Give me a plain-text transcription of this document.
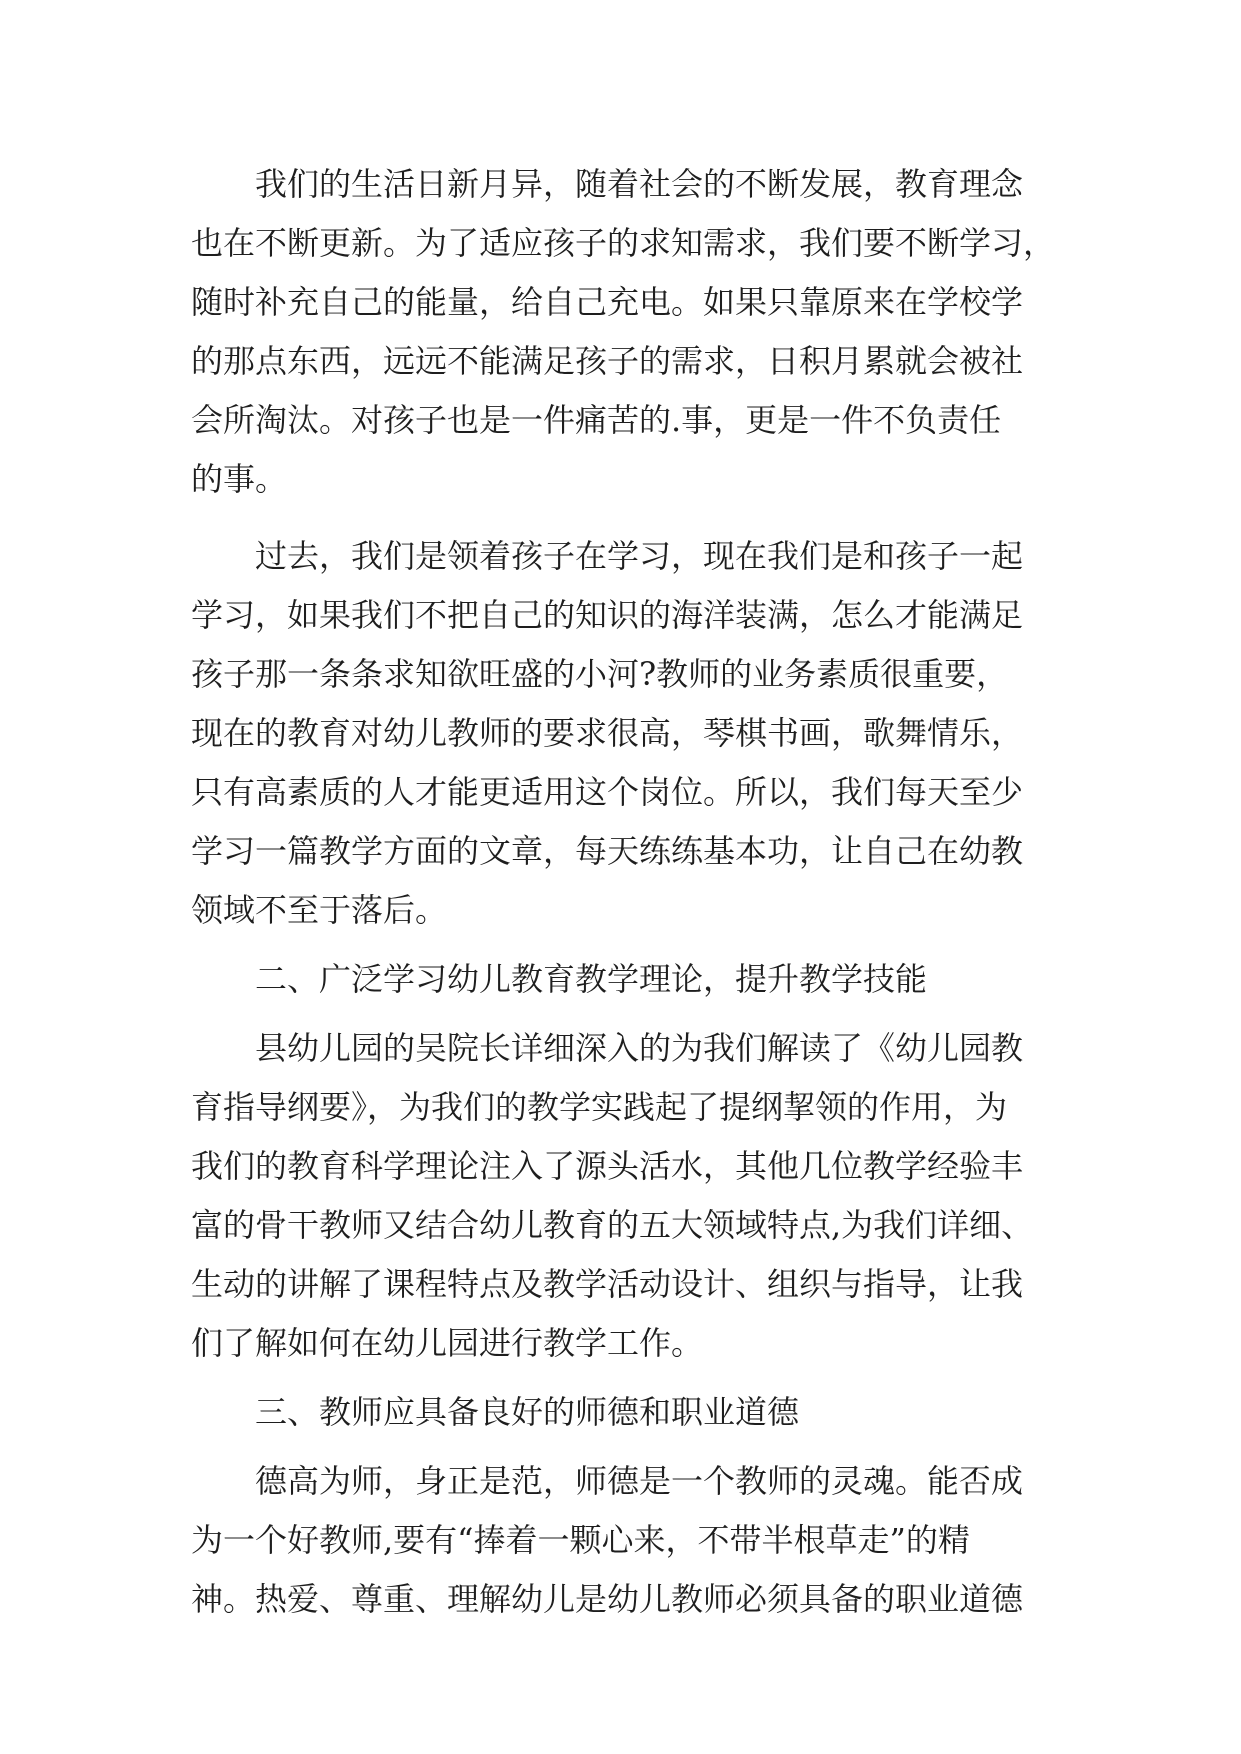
我们的生活日新月异，随着社会的不断发展，教育理念
也在不断更新。为了适应孩子的求知需求，我们要不断学习，
随时补充自己的能量，给自己充电。如果只靠原来在学校学
的那点东西，远远不能满足孩子的需求，日积月累就会被社
会所淘汰。对孩子也是一件痛苦的.事，更是一件不负责任
的事。
过去，我们是领着孩子在学习，现在我们是和孩子一起
学习，如果我们不把自己的知识的海洋装满，怎么才能满足
孩子那一条条求知欲旺盛的小河?教师的业务素质很重要，
现在的教育对幼儿教师的要求很高，琴棋书画，歌舞情乐，
只有高素质的人才能更适用这个岗位。所以，我们每天至少
学习一篇教学方面的文章，每天练练基本功，让自己在幼教
领域不至于落后。
二、广泛学习幼儿教育教学理论，提升教学技能
县幼儿园的吴院长详细深入的为我们解读了《幼儿园教
育指导纲要》，为我们的教学实践起了提纲挈领的作用，为
我们的教育科学理论注入了源头活水，其他几位教学经验丰
富的骨干教师又结合幼儿教育的五大领域特点,为我们详细、
生动的讲解了课程特点及教学活动设计、组织与指导，让我
们了解如何在幼儿园进行教学工作。
三、教师应具备良好的师德和职业道德
德高为师，身正是范，师德是一个教师的灵魂。能否成
为一个好教师,要有“捧着一颗心来，不带半根草走”的精
神。热爱、尊重、理解幼儿是幼儿教师必须具备的职业道德
